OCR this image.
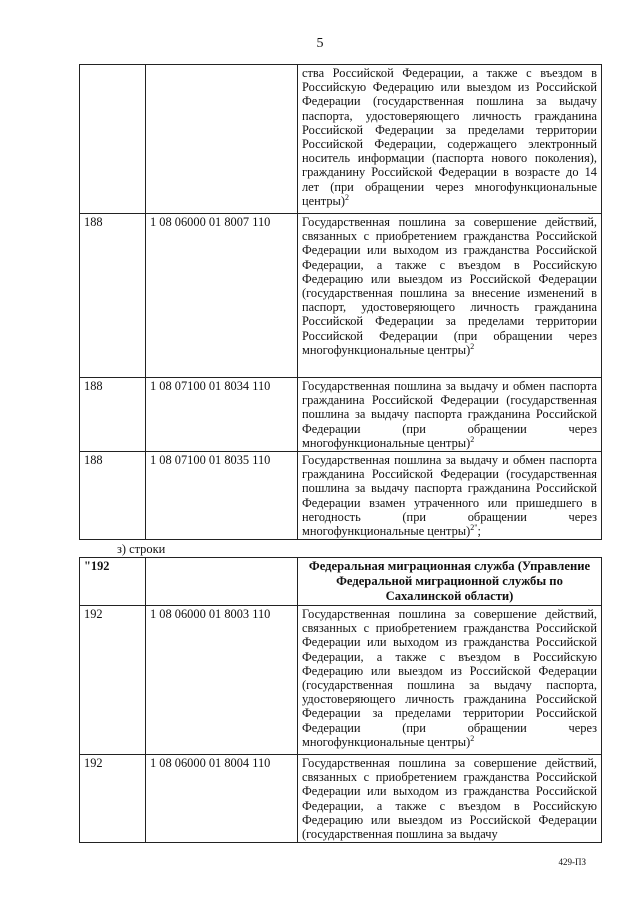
5
		ства Российской Федерации, а также с въездом в Российскую Федерацию или выездом из Российской Федерации (государственная пошлина за выдачу паспорта, удостоверяющего личность гражданина Российской Федерации за пределами территории Российской Федерации, содержащего электронный носитель информации (паспорта нового поколения), гражданину Российской Федерации в возрасте до 14 лет (при обращении через многофункциональные центры)$^2$
188	1 08 06000 01 8007 110	Государственная пошлина за совершение действий, связанных с приобретением гражданства Российской Федерации или выходом из гражданства Российской Федерации, а также с въездом в Российскую Федерацию или выездом из Российской Федерации (государственная пошлина за внесение изменений в паспорт, удостоверяющего личность гражданина Российской Федерации за пределами территории Российской Федерации (при обращении через многофункциональные центры)$^2$
188	1 08 07100 01 8034 110	Государственная пошлина за выдачу и обмен паспорта гражданина Российской Федерации (государственная пошлина за выдачу паспорта гражданина Российской Федерации (при обращении через многофункциональные центры)$^2$
188	1 08 07100 01 8035 110	Государственная пошлина за выдачу и обмен паспорта гражданина Российской Федерации (государственная пошлина за выдачу паспорта гражданина Российской Федерации взамен утраченного или пришедшего в негодность (при обращении через многофункциональные центры)$^{2"}$;
з) строки
"192		Федеральная миграционная служба (Управление Федеральной миграционной службы по Сахалинской области)
192	1 08 06000 01 8003 110	Государственная пошлина за совершение действий, связанных с приобретением гражданства Российской Федерации или выходом из гражданства Российской Федерации, а также с въездом в Российскую Федерацию или выездом из Российской Федерации (государственная пошлина за выдачу паспорта, удостоверяющего личность гражданина Российской Федерации за пределами территории Российской Федерации (при обращении через многофункциональные центры)$^2$
192	1 08 06000 01 8004 110	Государственная пошлина за совершение действий, связанных с приобретением гражданства Российской Федерации или выходом из гражданства Российской Федерации, а также с въездом в Российскую Федерацию или выездом из Российской Федерации (государственная пошлина за выдачу
429-ПЗ
